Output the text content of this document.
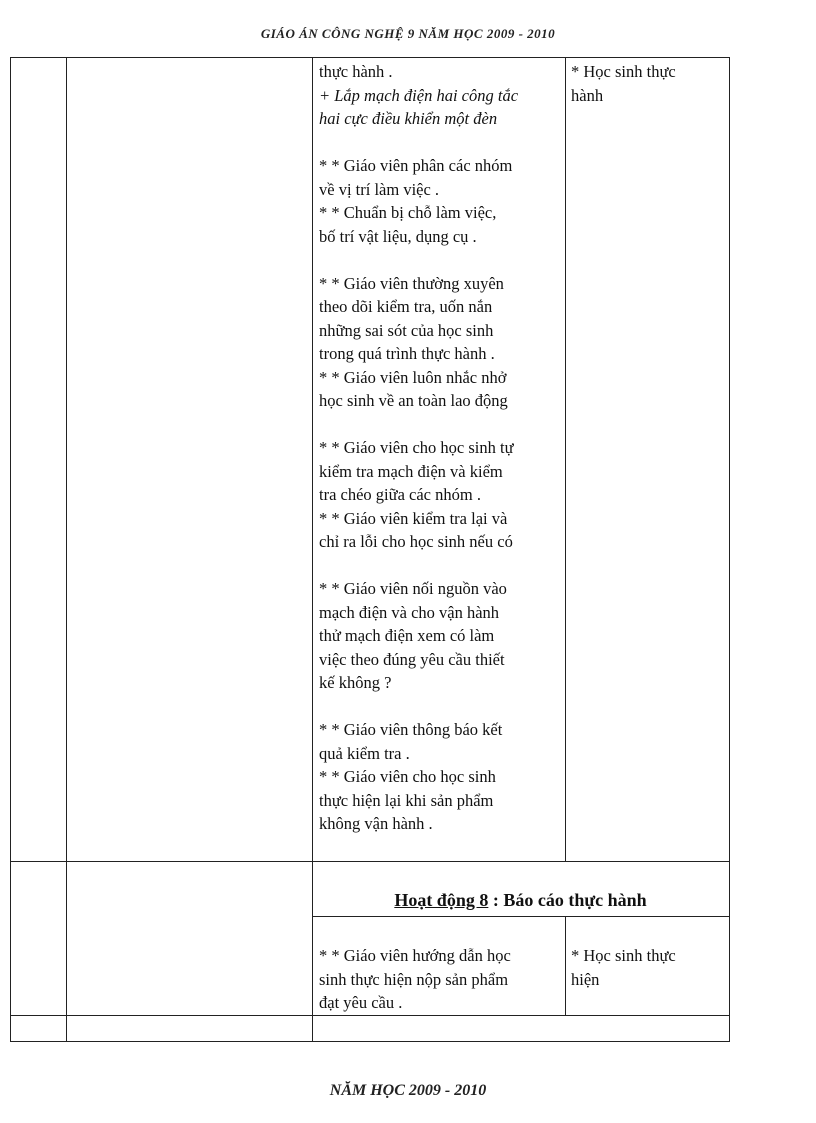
GIÁO ÁN CÔNG NGHỆ 9 NĂM HỌC 2009 - 2010
NĂM HỌC 2009 - 2010
thực hành .
+ Lắp mạch điện hai công tắc
hai cực điều khiển một đèn
* * Giáo viên phân các nhóm
về vị trí làm việc .
* * Chuẩn bị chỗ làm việc,
bố trí vật liệu, dụng cụ .
* * Giáo viên thường xuyên
theo dõi kiểm tra, uốn nắn
những sai sót của học sinh
trong quá trình thực hành .
* * Giáo viên luôn nhắc nhở
học sinh về an toàn lao động
* * Giáo viên cho học sinh tự
kiểm tra mạch điện và kiểm
tra chéo giữa các nhóm .
* * Giáo viên kiểm tra lại và
chỉ ra lỗi cho học sinh nếu có
* * Giáo viên nối nguồn vào
mạch điện và cho vận hành
thử mạch điện xem có làm
việc theo đúng yêu cầu thiết
kế không ?
* * Giáo viên thông báo kết
quả kiểm tra .
* * Giáo viên cho học sinh
thực hiện lại khi sản phẩm
không vận hành .
* Học sinh thực
hành
Hoạt động 8 : Báo cáo thực hành
* * Giáo viên hướng dẫn học
sinh thực hiện nộp sản phẩm
đạt yêu cầu .
* Học sinh thực
hiện
